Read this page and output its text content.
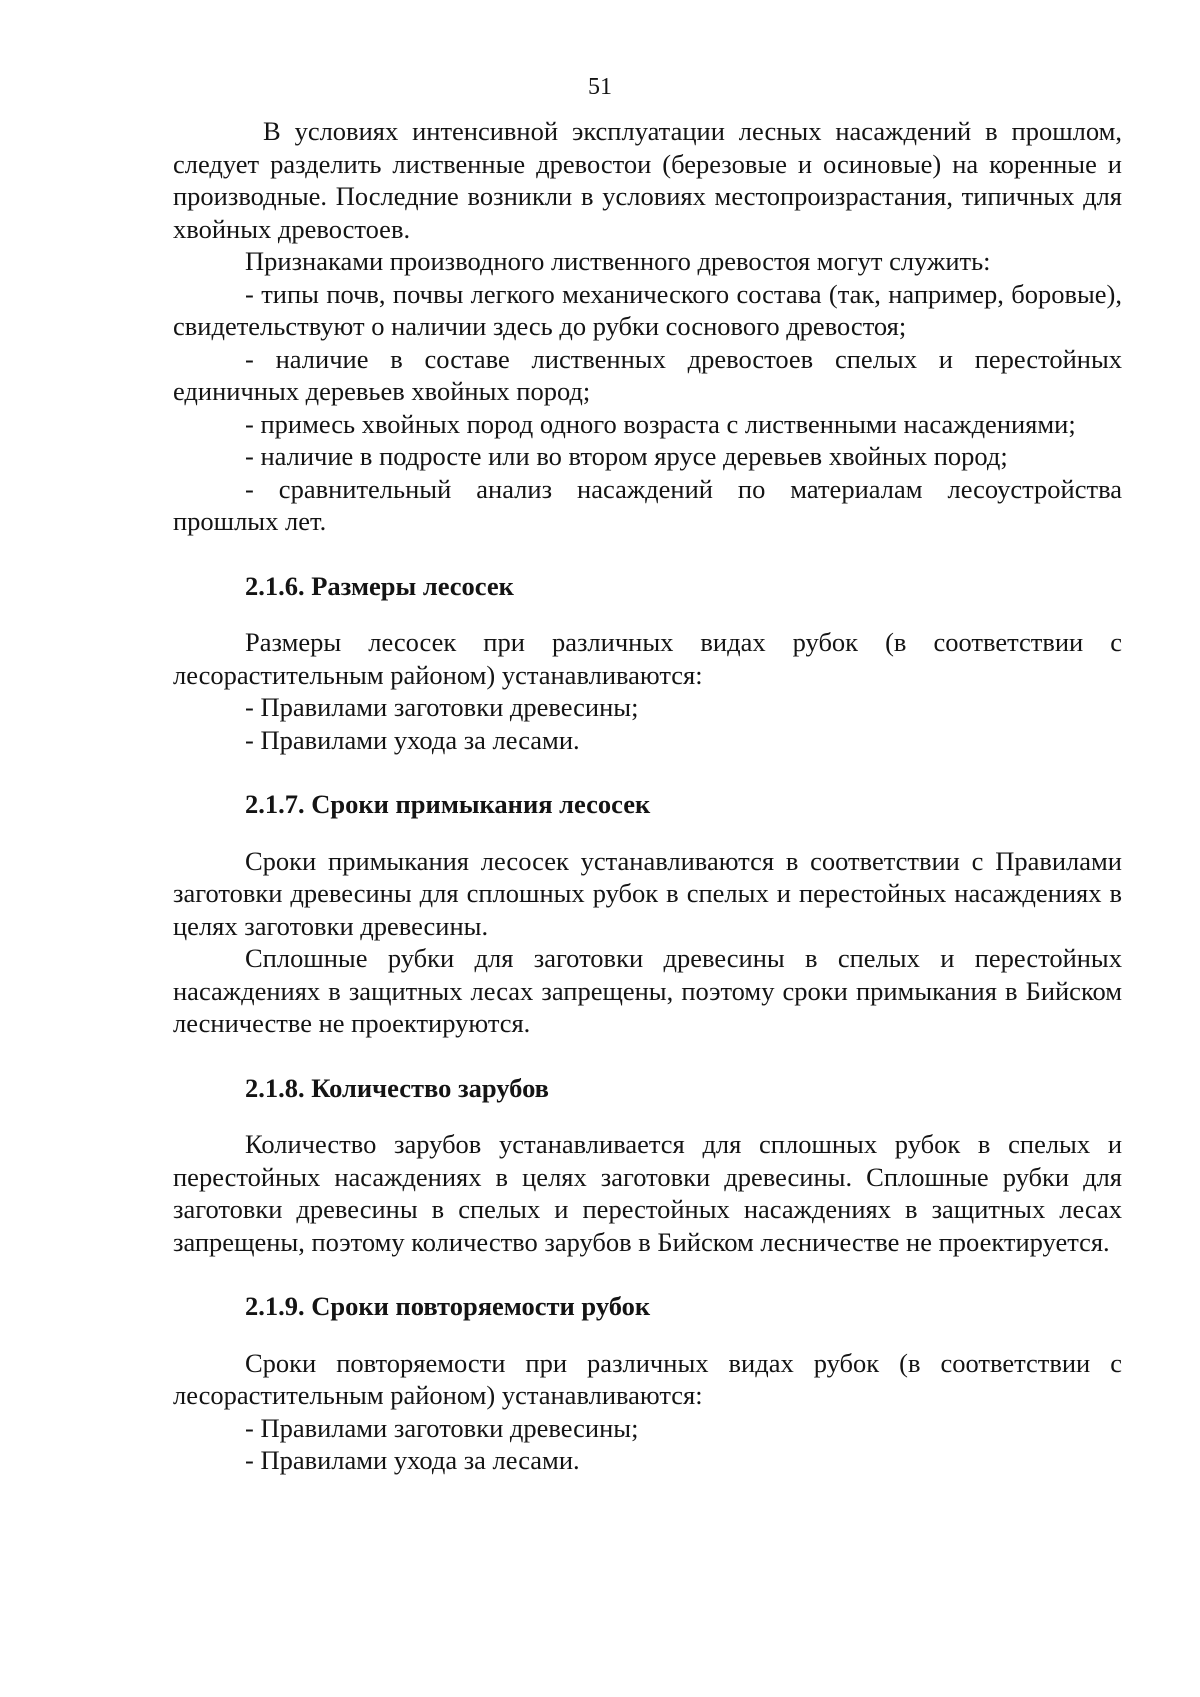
51

В условиях интенсивной эксплуатации лесных насаждений в прошлом, следует разделить лиственные древостои (березовые и осиновые) на коренные и производные. Последние возникли в условиях местопроизрастания, типичных для хвойных древостоев.

Признаками производного лиственного древостоя могут служить:

- типы почв, почвы легкого механического состава (так, например, боровые), свидетельствуют о наличии здесь до рубки соснового древостоя;

- наличие в составе лиственных древостоев спелых и перестойных единичных деревьев хвойных пород;

- примесь хвойных пород одного возраста с лиственными насаждениями;

- наличие в подросте или во втором ярусе деревьев хвойных пород;

- сравнительный анализ насаждений по материалам лесоустройства прошлых лет.

2.1.6. Размеры лесосек

Размеры лесосек при различных видах рубок (в соответствии с лесорастительным районом) устанавливаются:

- Правилами заготовки древесины;

- Правилами ухода за лесами.

2.1.7. Сроки примыкания лесосек

Сроки примыкания лесосек устанавливаются в соответствии с Правилами заготовки древесины для сплошных рубок в спелых и перестойных насаждениях в целях заготовки древесины.

Сплошные рубки для заготовки древесины в спелых и перестойных насаждениях в защитных лесах запрещены, поэтому сроки примыкания в Бийском лесничестве не проектируются.

2.1.8. Количество зарубов

Количество зарубов устанавливается для сплошных рубок в спелых и перестойных насаждениях в целях заготовки древесины. Сплошные рубки для заготовки древесины в спелых и перестойных насаждениях в защитных лесах запрещены, поэтому количество зарубов в Бийском лесничестве не проектируется.

2.1.9. Сроки повторяемости рубок

Сроки повторяемости при различных видах рубок (в соответствии с лесорастительным районом) устанавливаются:

- Правилами заготовки древесины;

- Правилами ухода за лесами.
